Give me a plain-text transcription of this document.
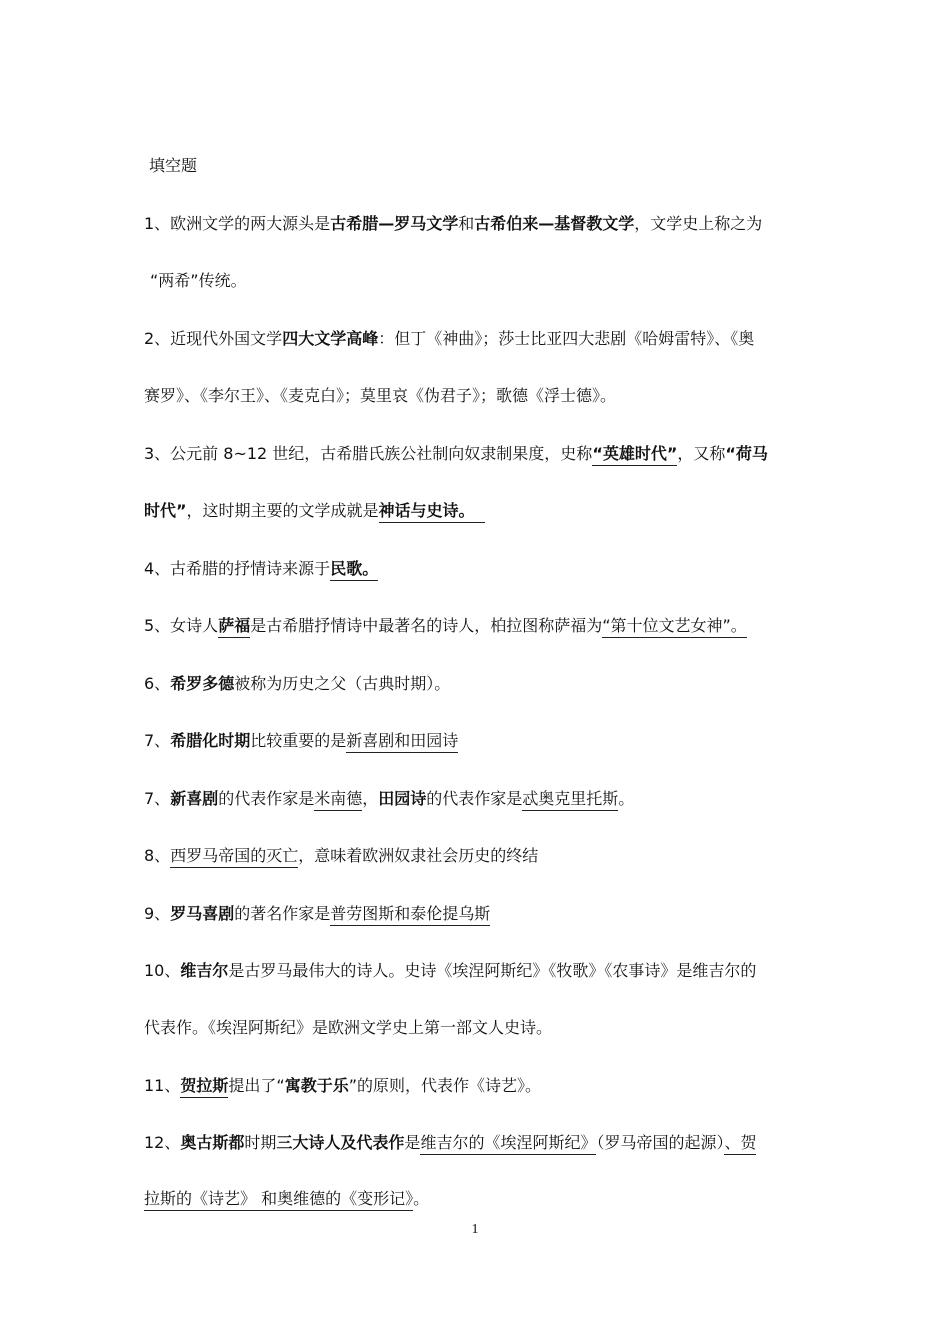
填空题
1、欧洲文学的两大源头是古希腊—罗马文学和古希伯来—基督教文学，文学史上称之为
“两希”传统。
2、近现代外国文学四大文学高峰：但丁《神曲》；莎士比亚四大悲剧《哈姆雷特》、《奥
赛罗》、《李尔王》、《麦克白》；莫里哀《伪君子》；歌德《浮士德》。
3、公元前 8~12 世纪，古希腊氏族公社制向奴隶制果度，史称“英雄时代”，又称“荷马
时代”，这时期主要的文学成就是神话与史诗。
4、古希腊的抒情诗来源于民歌。
5、女诗人萨福是古希腊抒情诗中最著名的诗人，柏拉图称萨福为“第十位文艺女神”。
6、希罗多德被称为历史之父（古典时期）。
7、希腊化时期比较重要的是新喜剧和田园诗
7、新喜剧的代表作家是米南德，田园诗的代表作家是忒奥克里托斯。
8、西罗马帝国的灭亡，意味着欧洲奴隶社会历史的终结
9、罗马喜剧的著名作家是普劳图斯和泰伦提乌斯
10、维吉尔是古罗马最伟大的诗人。史诗《埃涅阿斯纪》《牧歌》《农事诗》是维吉尔的
代表作。《埃涅阿斯纪》是欧洲文学史上第一部文人史诗。
11、贺拉斯提出了“寓教于乐”的原则，代表作《诗艺》。
12、奥古斯都时期三大诗人及代表作是维吉尔的《埃涅阿斯纪》（罗马帝国的起源）、贺
拉斯的《诗艺》 和奥维德的《变形记》。
1
